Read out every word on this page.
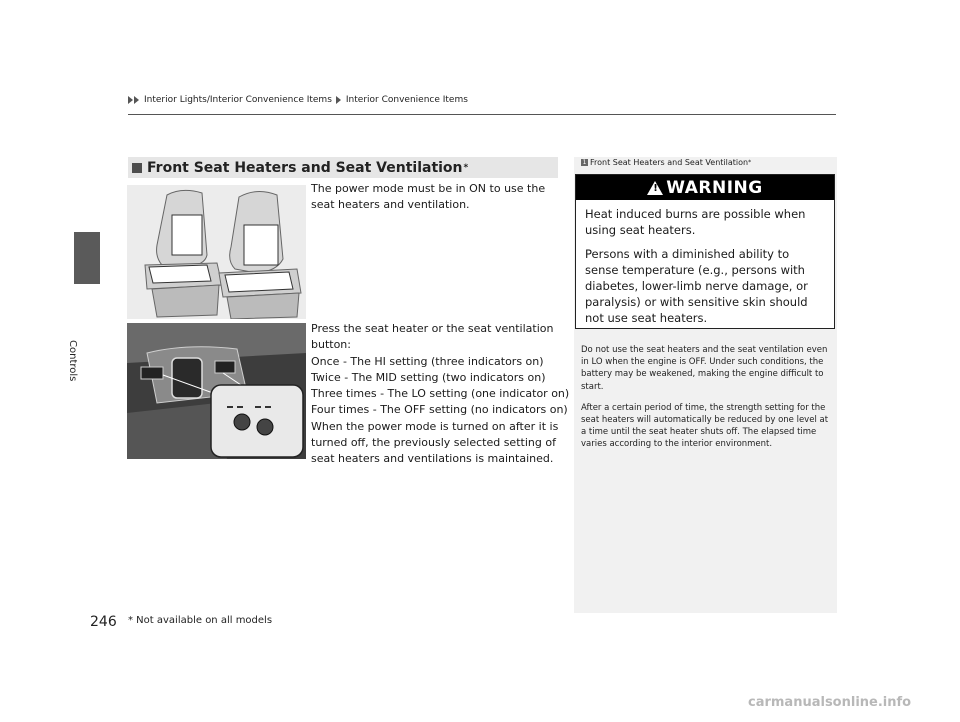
Controls
Interior Lights/Interior Convenience Items Interior Convenience Items
Front Seat Heaters and Seat Ventilation *
The power mode must be in ON to use the seat heaters and ventilation.
Press the seat heater or the seat ventilation
button:
Once - The HI setting (three indicators on)
Twice - The MID setting (two indicators on)
Three times - The LO setting (one indicator on)
Four times - The OFF setting (no indicators on)
When the power mode is turned on after it is
turned off, the previously selected setting of
seat heaters and ventilations is maintained.
1 Front Seat Heaters and Seat Ventilation *
! WARNING

Heat induced burns are possible when using seat heaters.

Persons with a diminished ability to sense temperature (e.g., persons with diabetes, lower-limb nerve damage, or paralysis) or with sensitive skin should not use seat heaters.

Do not use the seat heaters and the seat ventilation even in LO when the engine is OFF. Under such conditions, the battery may be weakened, making the engine difficult to start.

After a certain period of time, the strength setting for the seat heaters will automatically be reduced by one level at a time until the seat heater shuts off. The elapsed time varies according to the interior environment.

246 * Not available on all models
carmanualsonline.info
